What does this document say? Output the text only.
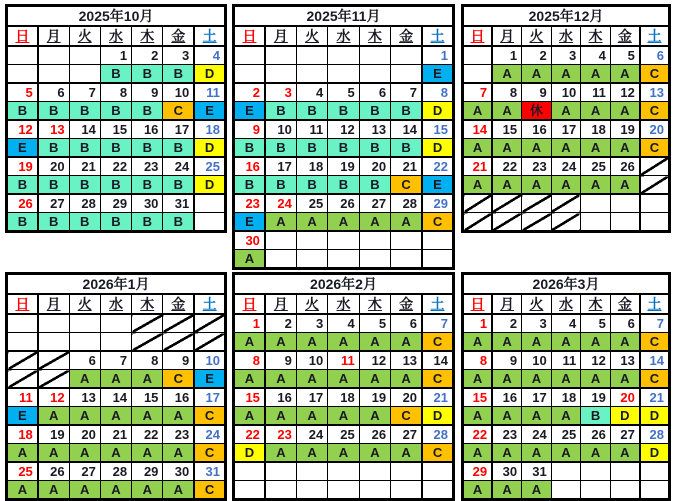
2025年10月						
日	月	火	水	木	金	土
			1	2	3	4
			B	B	B	D
5	6	7	8	9	10	11
B	B	B	B	B	C	E
12	13	14	15	16	17	18
E	B	B	B	B	B	D
19	20	21	22	23	24	25
B	B	B	B	B	B	D
26	27	28	29	30	31	
B	B	B	B	B	B	
2025年11月						
日	月	火	水	木	金	土
						1
						E
2	3	4	5	6	7	8
E	B	B	B	B	B	D
9	10	11	12	13	14	15
B	B	B	B	B	B	D
16	17	18	19	20	21	22
B	B	B	B	B	C	E
23	24	25	26	27	28	29
E	A	A	A	A	A	C
30						
A						
2025年12月						
日	月	火	水	木	金	土
	1	2	3	4	5	6
	A	A	A	A	A	C
7	8	9	10	11	12	13
A	A	休	A	A	A	C
14	15	16	17	18	19	20
A	A	A	A	A	A	C
21	22	23	24	25	26	
A	A	A	A	A	A	

2026年1月						
日	月	火	水	木	金	土

		6	7	8	9	10
		A	A	A	C	E
11	12	13	14	15	16	17
E	A	A	A	A	A	C
18	19	20	21	22	23	24
A	A	A	A	A	A	C
25	26	27	28	29	30	31
A	A	A	A	A	A	C
2026年2月						
日	月	火	水	木	金	土
1	2	3	4	5	6	7
A	A	A	A	A	A	C
8	9	10	11	12	13	14
A	A	A	A	A	A	C
15	16	17	18	19	20	21
A	A	A	A	A	C	D
22	23	24	25	26	27	28
D	A	A	A	A	A	C

2026年3月						
日	月	火	水	木	金	土
1	2	3	4	5	6	7
A	A	A	A	A	A	C
8	9	10	11	12	13	14
A	A	A	A	A	A	C
15	16	17	18	19	20	21
A	A	A	A	B	D	D
22	23	24	25	26	27	28
A	A	A	A	A	A	D
29	30	31				
A	A	A				
